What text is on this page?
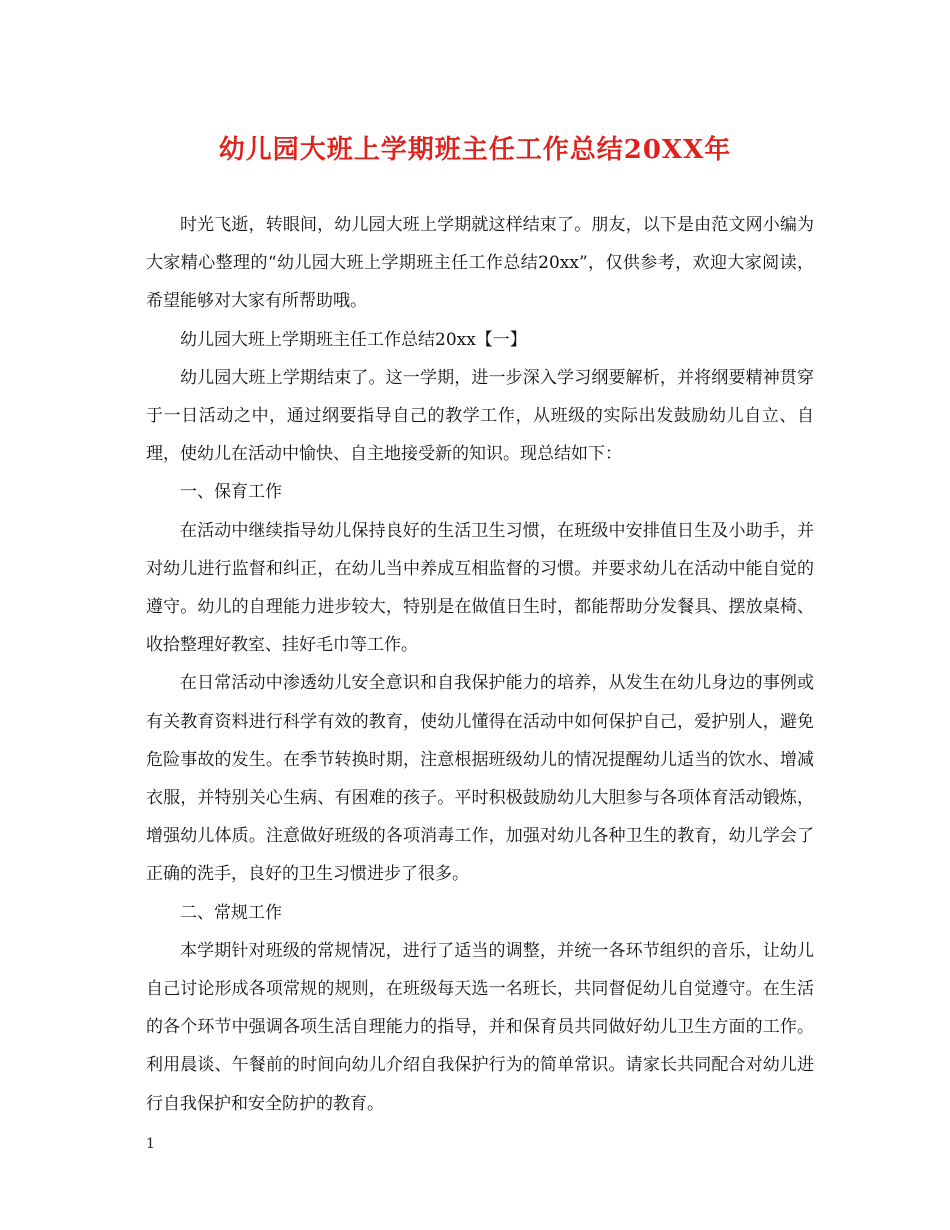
幼儿园大班上学期班主任工作总结20XX年

时光飞逝，转眼间，幼儿园大班上学期就这样结束了。朋友，以下是由范文网小编为大家精心整理的“幼儿园大班上学期班主任工作总结20xx”，仅供参考，欢迎大家阅读，希望能够对大家有所帮助哦。

幼儿园大班上学期班主任工作总结20xx【一】

幼儿园大班上学期结束了。这一学期，进一步深入学习纲要解析，并将纲要精神贯穿于一日活动之中，通过纲要指导自己的教学工作，从班级的实际出发鼓励幼儿自立、自理，使幼儿在活动中愉快、自主地接受新的知识。现总结如下：

一、保育工作

在活动中继续指导幼儿保持良好的生活卫生习惯，在班级中安排值日生及小助手，并对幼儿进行监督和纠正，在幼儿当中养成互相监督的习惯。并要求幼儿在活动中能自觉的遵守。幼儿的自理能力进步较大，特别是在做值日生时，都能帮助分发餐具、摆放桌椅、收拾整理好教室、挂好毛巾等工作。

在日常活动中渗透幼儿安全意识和自我保护能力的培养，从发生在幼儿身边的事例或有关教育资料进行科学有效的教育，使幼儿懂得在活动中如何保护自己，爱护别人，避免危险事故的发生。在季节转换时期，注意根据班级幼儿的情况提醒幼儿适当的饮水、增减衣服，并特别关心生病、有困难的孩子。平时积极鼓励幼儿大胆参与各项体育活动锻炼，增强幼儿体质。注意做好班级的各项消毒工作，加强对幼儿各种卫生的教育，幼儿学会了正确的洗手，良好的卫生习惯进步了很多。

二、常规工作

本学期针对班级的常规情况，进行了适当的调整，并统一各环节组织的音乐，让幼儿自己讨论形成各项常规的规则，在班级每天选一名班长，共同督促幼儿自觉遵守。在生活的各个环节中强调各项生活自理能力的指导，并和保育员共同做好幼儿卫生方面的工作。利用晨谈、午餐前的时间向幼儿介绍自我保护行为的简单常识。请家长共同配合对幼儿进行自我保护和安全防护的教育。

1
